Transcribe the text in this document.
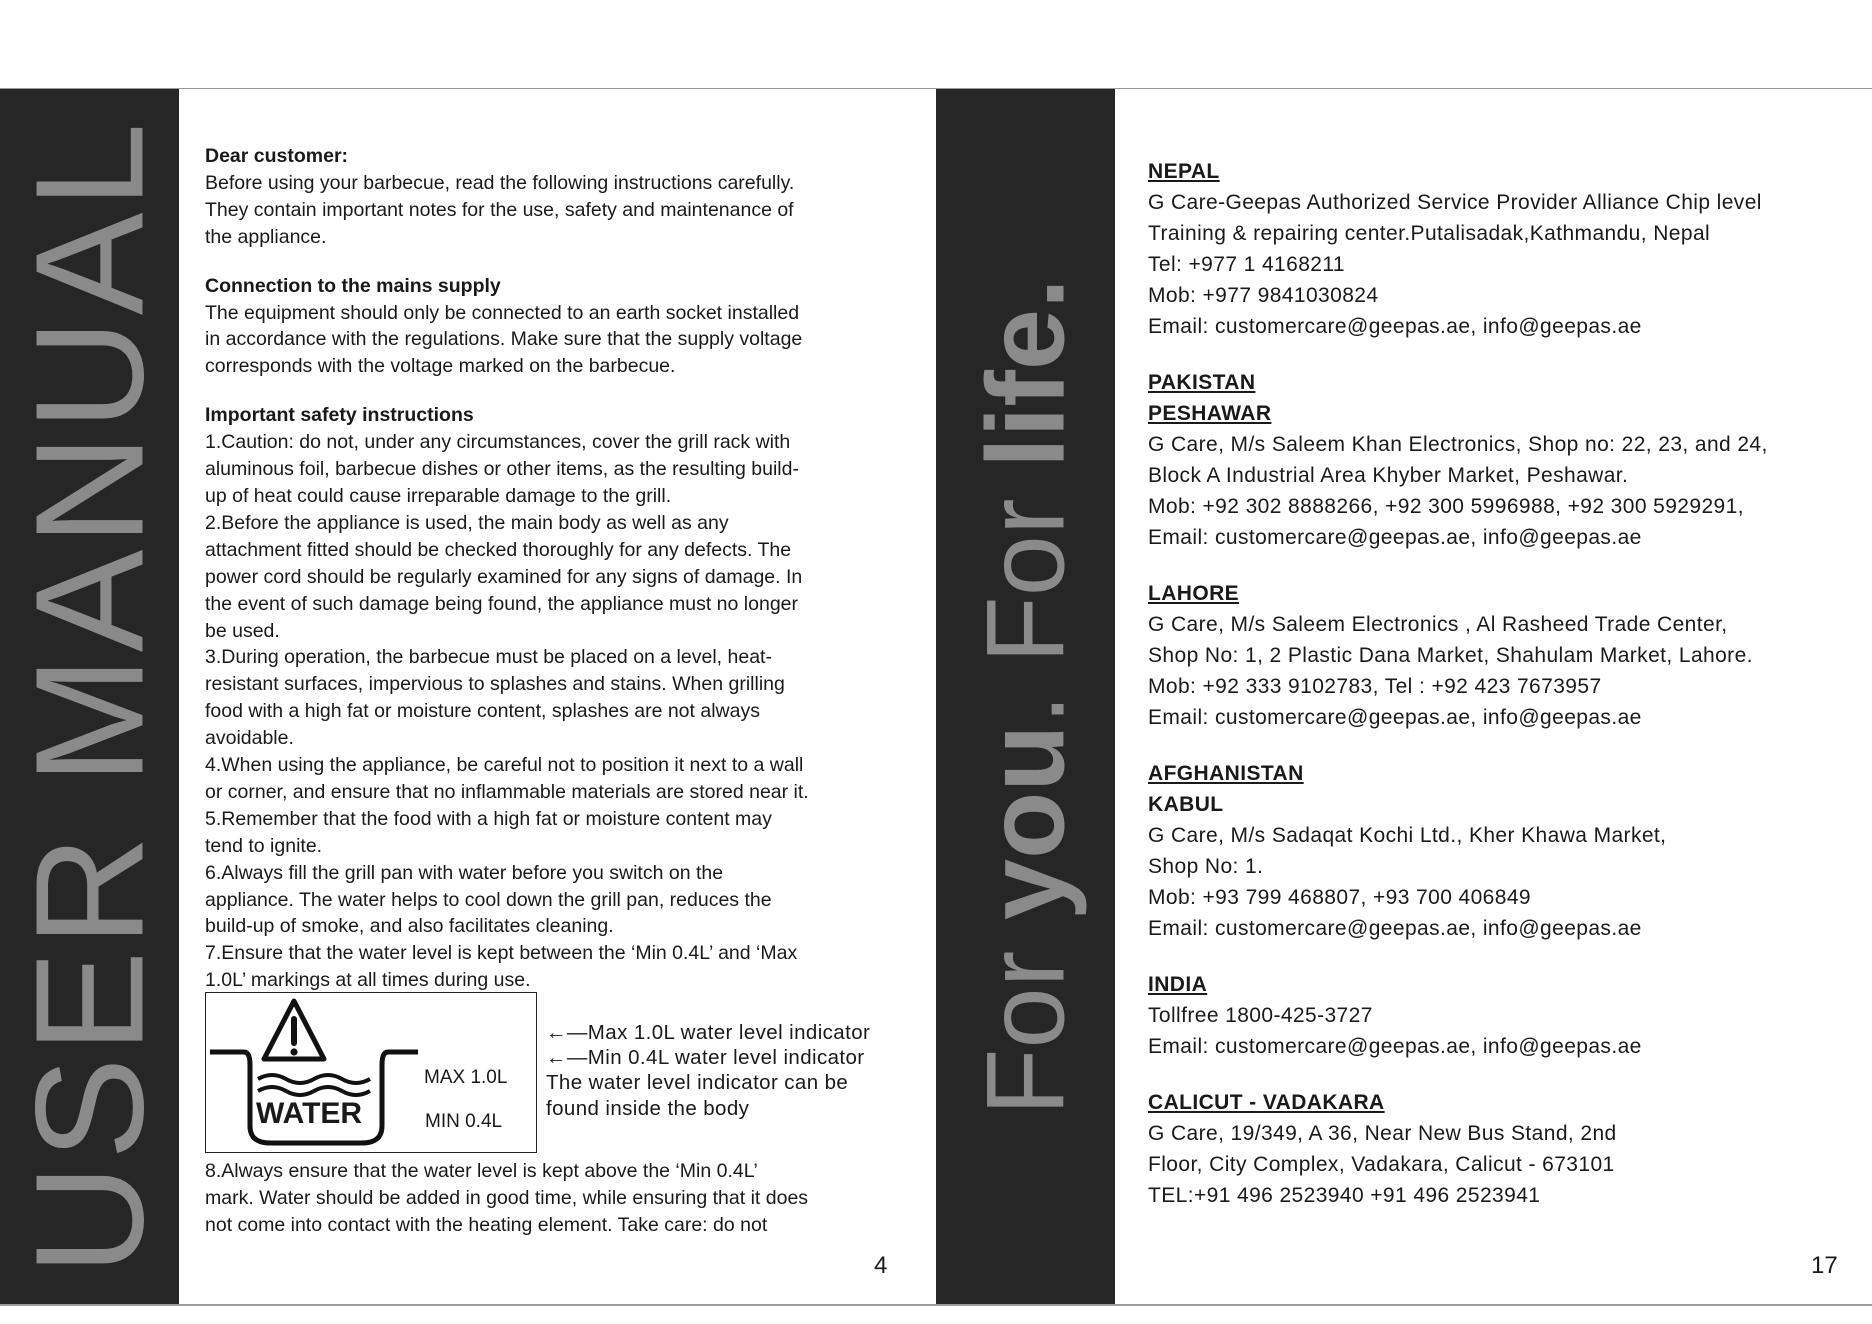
USER MANUAL Dear customer:

Before using your barbecue, read the following instructions carefully.

They contain important notes for the use, safety and maintenance of

the appliance.

Connection to the mains supply

The equipment should only be connected to an earth socket installed

in accordance with the regulations. Make sure that the supply voltage

corresponds with the voltage marked on the barbecue.

Important safety instructions

1.Caution: do not, under any circumstances, cover the grill rack with

aluminous foil, barbecue dishes or other items, as the resulting build-

up of heat could cause irreparable damage to the grill.

2.Before the appliance is used, the main body as well as any

attachment fitted should be checked thoroughly for any defects. The

power cord should be regularly examined for any signs of damage. In

the event of such damage being found, the appliance must no longer

be used.

3.During operation, the barbecue must be placed on a level, heat-

resistant surfaces, impervious to splashes and stains. When grilling

food with a high fat or moisture content, splashes are not always

avoidable.

4.When using the appliance, be careful not to position it next to a wall

or corner, and ensure that no inflammable materials are stored near it.

5.Remember that the food with a high fat or moisture content may

tend to ignite.

6.Always fill the grill pan with water before you switch on the

appliance. The water helps to cool down the grill pan, reduces the

build-up of smoke, and also facilitates cleaning.

7.Ensure that the water level is kept between the ‘Min 0.4L’ and ‘Max

1.0L’ markings at all times during use.

WATER
MAX 1.0L
MIN 0.4L

←—Max 1.0L water level indicator

←—Min 0.4L water level indicator

The water level indicator can be

found inside the body

8.Always ensure that the water level is kept above the ‘Min 0.4L’

mark. Water should be added in good time, while ensuring that it does

not come into contact with the heating element. Take care: do not

4
For you. For life.

NEPAL

G Care-Geepas Authorized Service Provider Alliance Chip level

Training & repairing center.Putalisadak,Kathmandu, Nepal

Tel: +977 1 4168211

Mob: +977 9841030824

Email: customercare@geepas.ae, info@geepas.ae

PAKISTAN

PESHAWAR

G Care, M/s Saleem Khan Electronics, Shop no: 22, 23, and 24,

Block A Industrial Area Khyber Market, Peshawar.

Mob: +92 302 8888266, +92 300 5996988, +92 300 5929291,

Email: customercare@geepas.ae, info@geepas.ae

LAHORE

G Care, M/s Saleem Electronics , Al Rasheed Trade Center,

Shop No: 1, 2 Plastic Dana Market, Shahulam Market, Lahore.

Mob: +92 333 9102783, Tel : +92 423 7673957

Email: customercare@geepas.ae, info@geepas.ae

AFGHANISTAN

KABUL

G Care, M/s Sadaqat Kochi Ltd., Kher Khawa Market,

Shop No: 1.

Mob: +93 799 468807, +93 700 406849

Email: customercare@geepas.ae, info@geepas.ae

INDIA

Tollfree 1800-425-3727

Email: customercare@geepas.ae, info@geepas.ae

CALICUT - VADAKARA

G Care, 19/349, A 36, Near New Bus Stand, 2nd

Floor, City Complex, Vadakara, Calicut - 673101

TEL:+91 496 2523940 +91 496 2523941

17
